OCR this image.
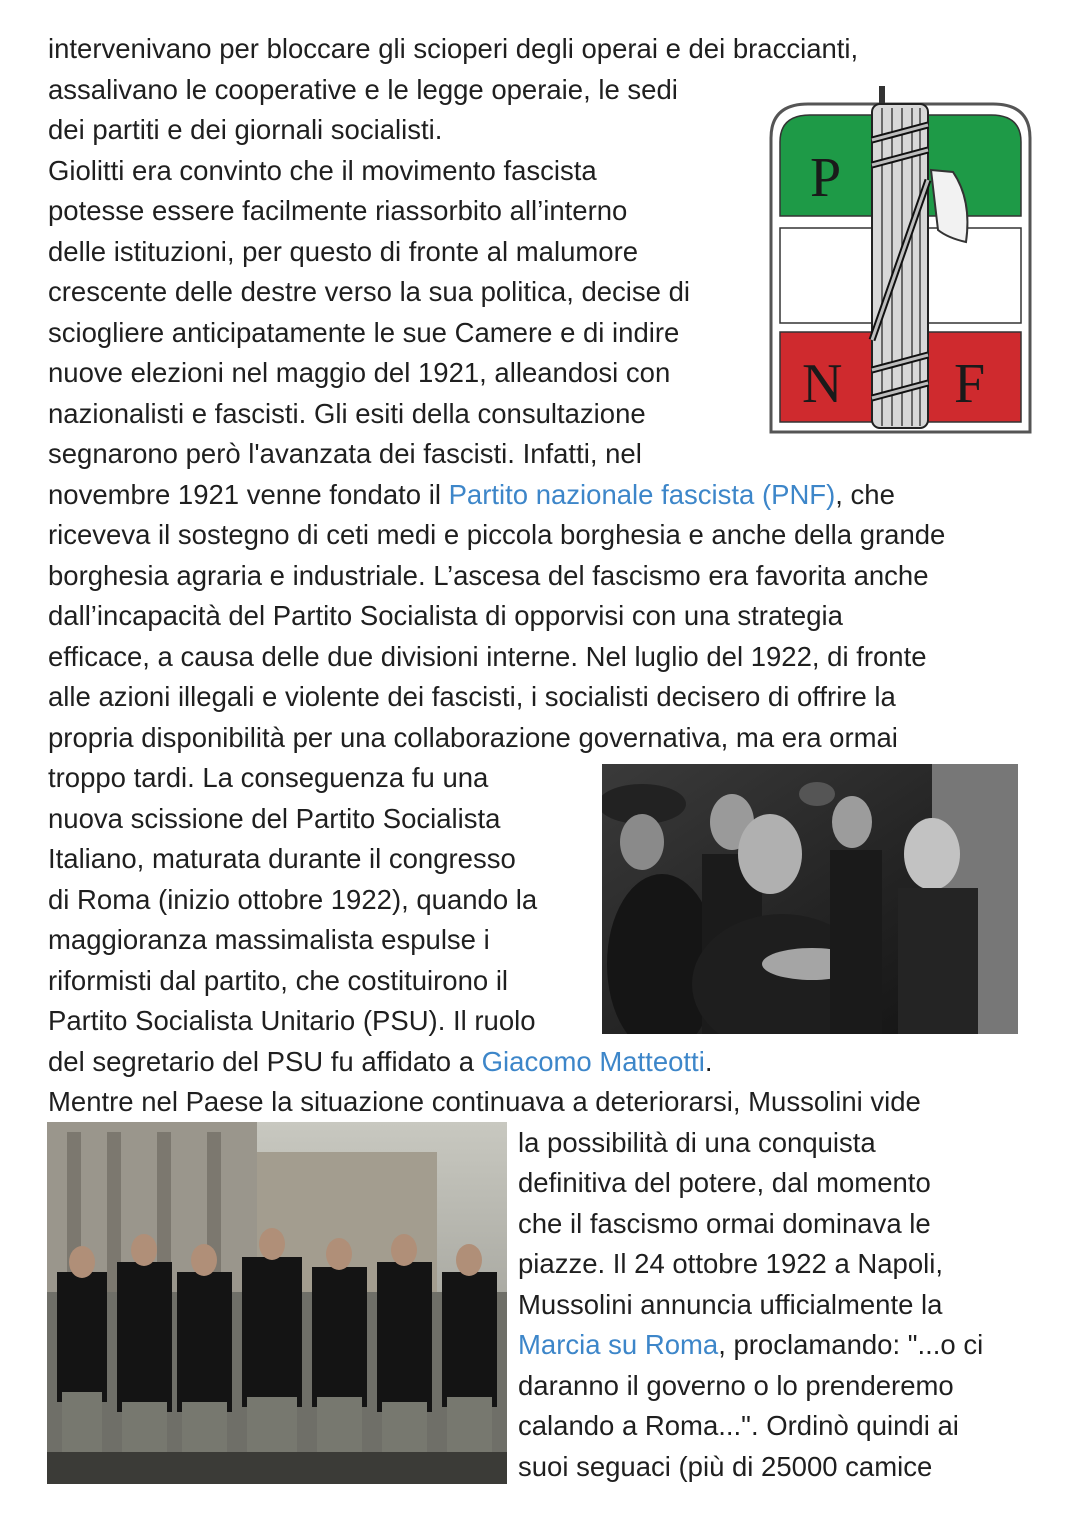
intervenivano per bloccare gli scioperi degli operai e dei braccianti,
assalivano le cooperative e le legge operaie, le sedi
dei partiti e dei giornali socialisti.
Giolitti era convinto che il movimento fascista
potesse essere facilmente riassorbito all’interno
delle istituzioni, per questo di fronte al malumore
crescente delle destre verso la sua politica, decise di
sciogliere anticipatamente le sue Camere e di indire
nuove elezioni nel maggio del 1921, alleandosi con
nazionalisti e fascisti. Gli esiti della consultazione
segnarono però l'avanzata dei fascisti. Infatti, nel
novembre 1921 venne fondato il Partito nazionale fascista (PNF), che
riceveva il sostegno di ceti medi e piccola borghesia e anche della grande
borghesia agraria e industriale. L’ascesa del fascismo era favorita anche
dall’incapacità del Partito Socialista di opporvisi con una strategia
efficace, a causa delle due divisioni interne. Nel luglio del 1922, di fronte
alle azioni illegali e violente dei fascisti, i socialisti decisero di offrire la
propria disponibilità per una collaborazione governativa, ma era ormai
troppo tardi. La conseguenza fu una
nuova scissione del Partito Socialista
Italiano, maturata durante il congresso
di Roma (inizio ottobre 1922), quando la
maggioranza massimalista espulse i
riformisti dal partito, che costituirono il
Partito Socialista Unitario (PSU). Il ruolo
del segretario del PSU fu affidato a Giacomo Matteotti.
Mentre nel Paese la situazione continuava a deteriorarsi, Mussolini vide
la possibilità di una conquista
definitiva del potere, dal momento
che il fascismo ormai dominava le
piazze. Il 24 ottobre 1922 a Napoli,
Mussolini annuncia ufficialmente la
Marcia su Roma, proclamando: "...o ci
daranno il governo o lo prenderemo
calando a Roma...". Ordinò quindi ai
suoi seguaci (più di 25000 camice
P
N F
